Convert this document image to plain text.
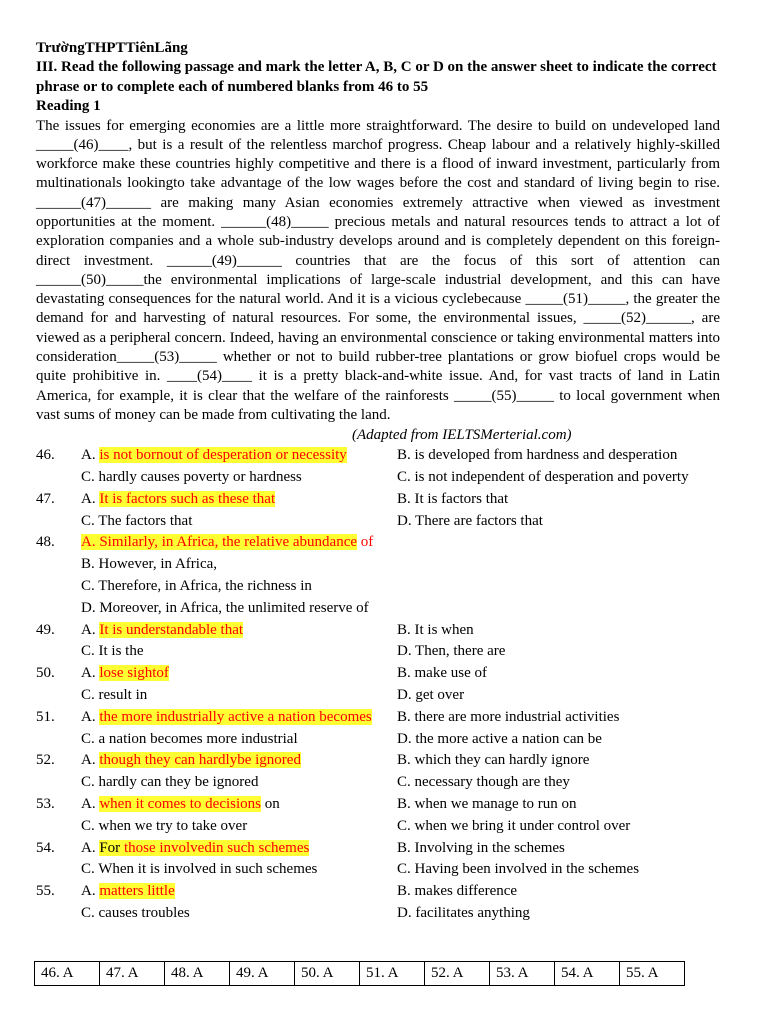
TrườngTHPTTiênLãng
III. Read the following passage and mark the letter A, B, C or D on the answer sheet to indicate the correct phrase or to complete each of numbered blanks from 46 to 55
Reading 1

The issues for emerging economies are a little more straightforward. The desire to build on undeveloped land _____(46)____, but is a result of the relentless marchof progress. Cheap labour and a relatively highly-skilled workforce make these countries highly competitive and there is a flood of inward investment, particularly from multinationals lookingto take advantage of the low wages before the cost and standard of living begin to rise. ______(47)______ are making many Asian economies extremely attractive when viewed as investment opportunities at the moment. ______(48)_____ precious metals and natural resources tends to attract a lot of exploration companies and a whole sub-industry develops around and is completely dependent on this foreign-direct investment. ______(49)______ countries that are the focus of this sort of attention can ______(50)_____the environmental implications of large-scale industrial development, and this can have devastating consequences for the natural world. And it is a vicious cyclebecause _____(51)_____, the greater the demand for and harvesting of natural resources. For some, the environmental issues, _____(52)______, are viewed as a peripheral concern. Indeed, having an environmental conscience or taking environmental matters into consideration_____(53)_____ whether or not to build rubber-tree plantations or grow biofuel crops would be quite prohibitive in. ____(54)____ it is a pretty black-and-white issue. And, for vast tracts of land in Latin America, for example, it is clear that the welfare of the rainforests _____(55)_____ to local government when vast sums of money can be made from cultivating the land.

(Adapted from IELTSMerterial.com)
46. A. is not bornout of desperation or necessity	B. is developed from hardness and desperation
C. hardly causes poverty or hardness	C. is not independent of desperation and poverty
47. A. It is factors such as these that	B. It is factors that
C. The factors that	D. There are factors that
48. A. Similarly, in Africa, the relative abundance of
B. However, in Africa,
C. Therefore, in Africa, the richness in
D. Moreover, in Africa, the unlimited reserve of
49. A. It is understandable that	B. It is when
C. It is the	D. Then, there are
50. A. lose sightof	B. make use of
C. result in	D. get over
51. A. the more industrially active a nation becomes B. there are more industrial activities
C. a nation becomes more industrial	D. the more active a nation can be
52. A. though they can hardlybe ignored	B. which they can hardly ignore
C. hardly can they be ignored	C. necessary though are they
53. A. when it comes to decisions on	B. when we manage to run on
C. when we try to take over	C. when we bring it under control over
54. A. For those involvedin such schemes	B. Involving in the schemes
C. When it is involved in such schemes	C. Having been involved in the schemes
55. A. matters little	B. makes difference
C. causes troubles	D. facilitates anything
46. A	47. A	48. A	49. A	50. A	51. A	52. A	53. A	54. A	55. A
